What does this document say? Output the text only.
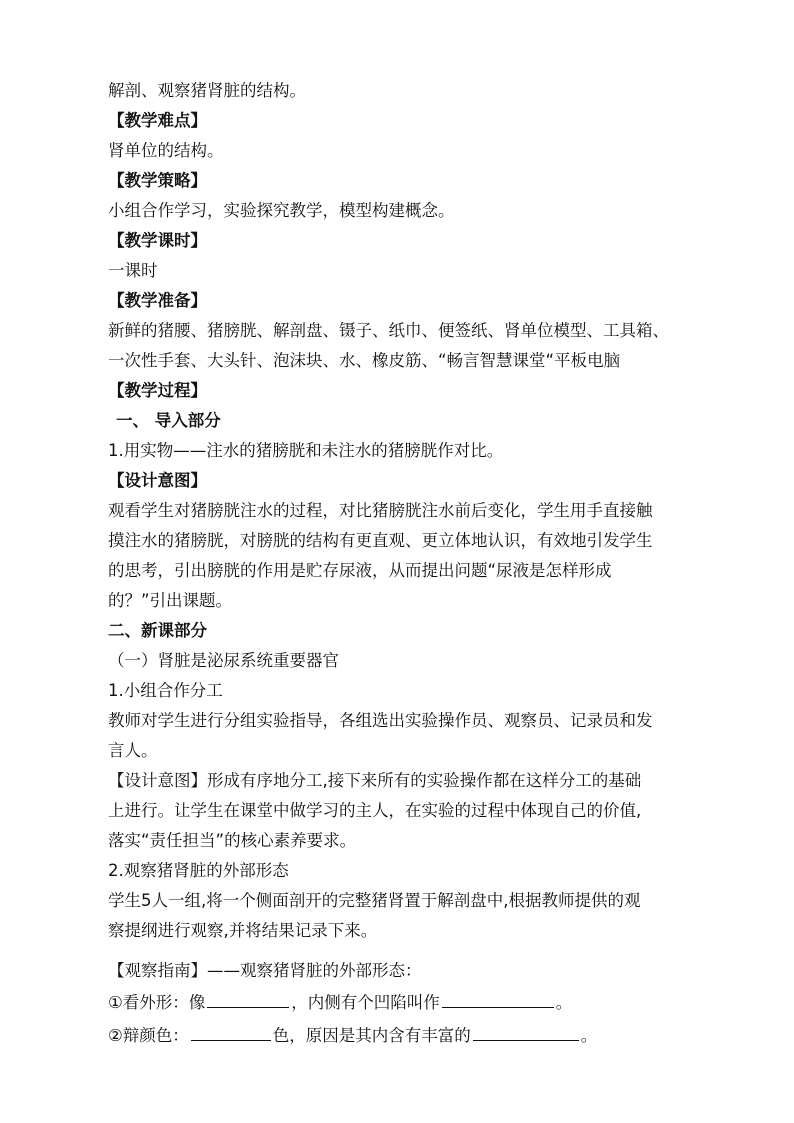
解剖、观察猪肾脏的结构。
【教学难点】
肾单位的结构。
【教学策略】
小组合作学习，实验探究教学，模型构建概念。
【教学课时】
一课时
【教学准备】
新鲜的猪腰、猪膀胱、解剖盘、镊子、纸巾、便签纸、肾单位模型、工具箱、
一次性手套、大头针、泡沫块、水、橡皮筋、“畅言智慧课堂“平板电脑
【教学过程】
一、 导入部分
1.用实物——注水的猪膀胱和未注水的猪膀胱作对比。
【设计意图】
观看学生对猪膀胱注水的过程，对比猪膀胱注水前后变化，学生用手直接触
摸注水的猪膀胱，对膀胱的结构有更直观、更立体地认识，有效地引发学生
的思考，引出膀胱的作用是贮存尿液，从而提出问题“尿液是怎样形成
的？”引出课题。
二、新课部分
（一）肾脏是泌尿系统重要器官
1.小组合作分工
教师对学生进行分组实验指导，各组选出实验操作员、观察员、记录员和发
言人。
【设计意图】形成有序地分工,接下来所有的实验操作都在这样分工的基础
上进行。让学生在课堂中做学习的主人，在实验的过程中体现自己的价值,
落实“责任担当”的核心素养要求。
2.观察猪肾脏的外部形态
学生5人一组,将一个侧面剖开的完整猪肾置于解剖盘中,根据教师提供的观
察提纲进行观察,并将结果记录下来。
【观察指南】——观察猪肾脏的外部形态：
①看外形：像	，内侧有个凹陷叫作	。
②辩颜色：	色，原因是其内含有丰富的	。
